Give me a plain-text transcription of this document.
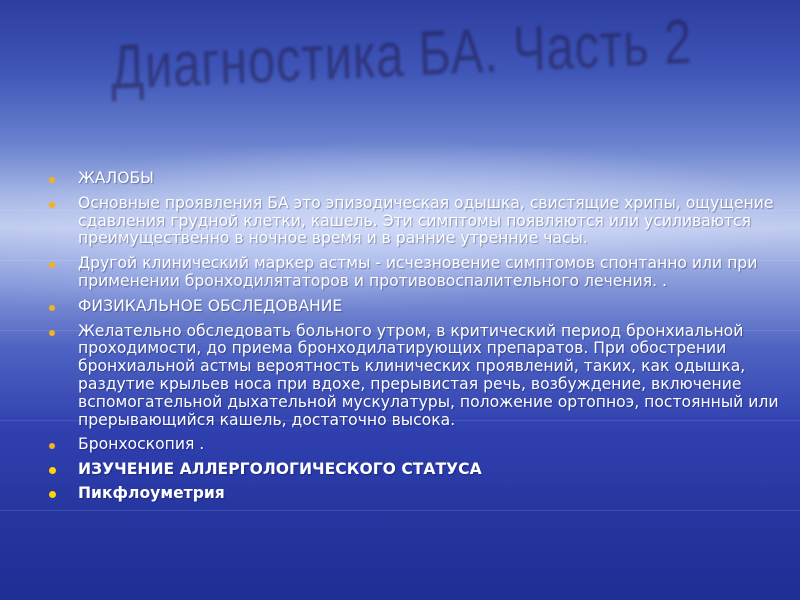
Диагностика БА. Часть 2
ЖАЛОБЫ
Основные проявления БА это эпизодическая одышка, свистящие хрипы, ощущение сдавления грудной клетки, кашель. Эти симптомы появляются или усиливаются преимущественно в ночное время и в ранние утренние часы.
Другой клинический маркер астмы - исчезновение симптомов спонтанно или при применении бронходилятаторов и противовоспалительного лечения. .
ФИЗИКАЛЬНОЕ ОБСЛЕДОВАНИЕ
Желательно обследовать больного утром, в критический период бронхиальной проходимости, до приема бронходилатирующих препаратов. При обострении бронхиальной астмы вероятность клинических проявлений, таких, как одышка, раздутие крыльев носа при вдохе, прерывистая речь, возбуждение, включение вспомогательной дыхательной мускулатуры, положение ортопноэ, постоянный или прерывающийся кашель, достаточно высока.
Бронхоскопия .
ИЗУЧЕНИЕ АЛЛЕРГОЛОГИЧЕСКОГО СТАТУСА
Пикфлоуметрия
